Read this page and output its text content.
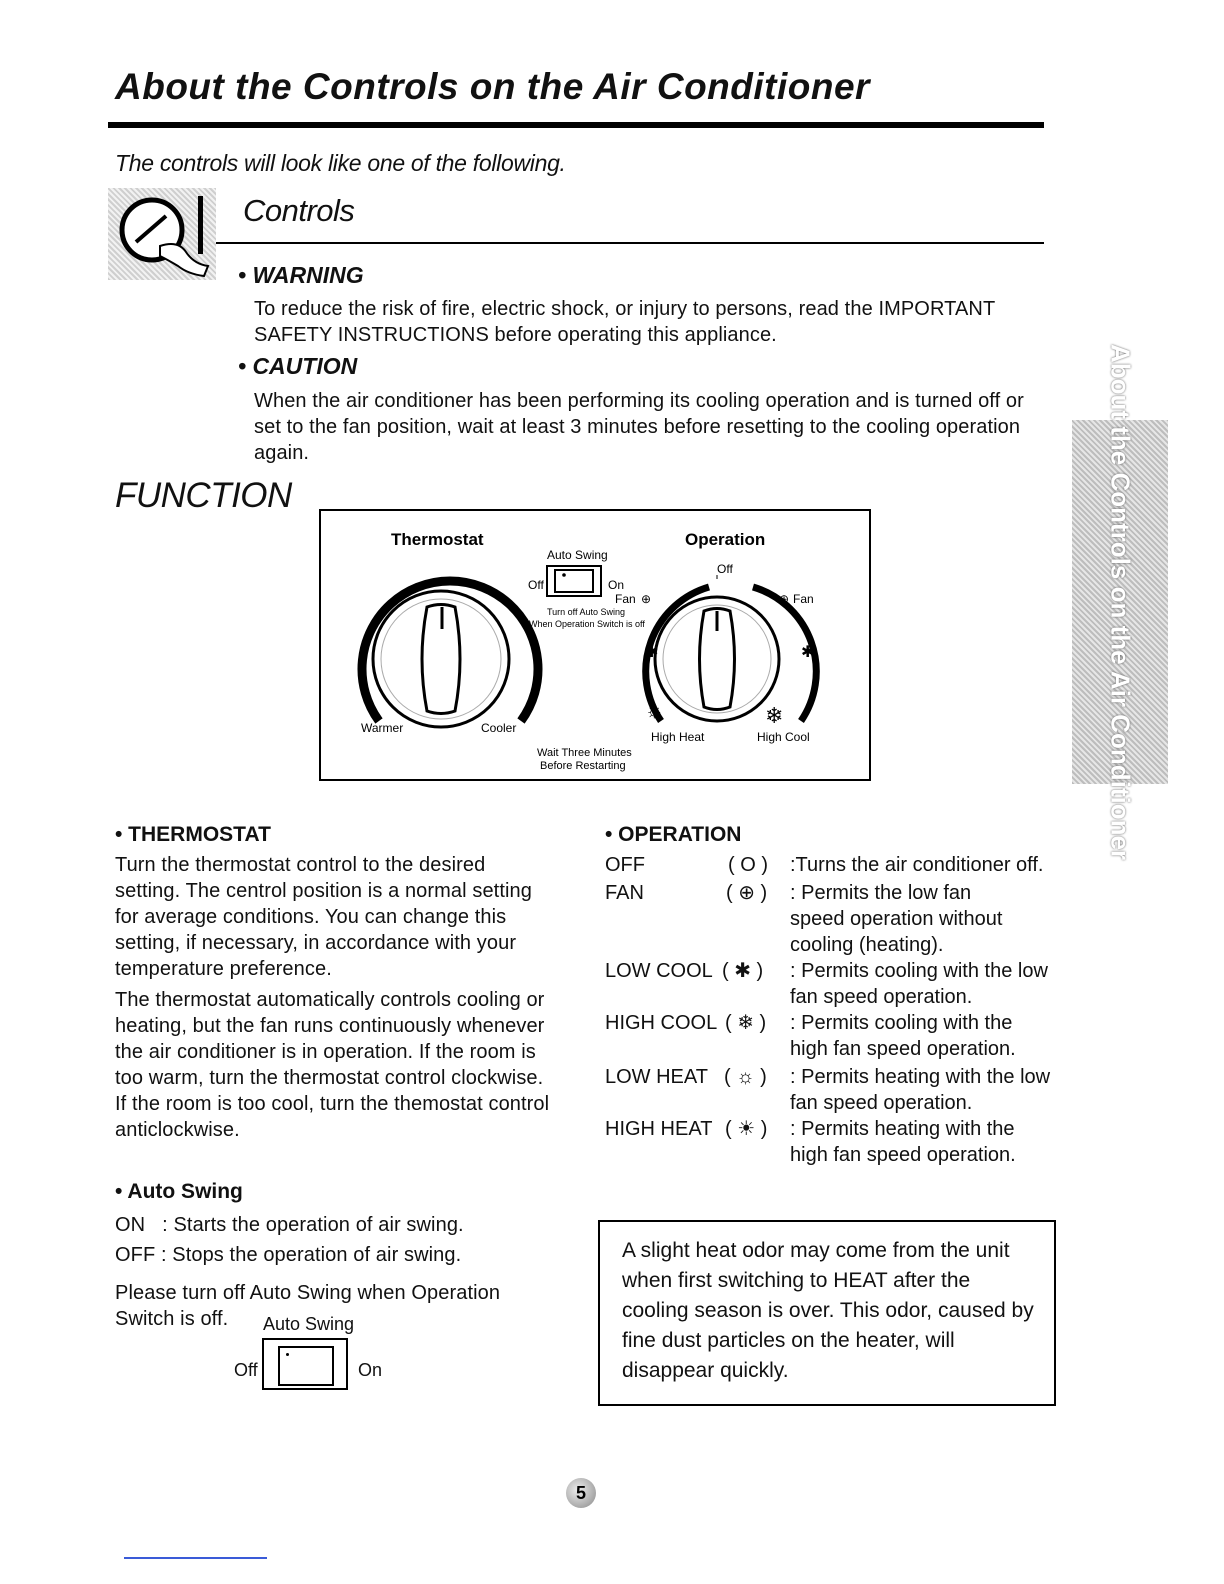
About the Controls on the Air Conditioner
The controls will look like one of the following.
Controls
• WARNING
To reduce the risk of fire, electric shock, or injury to persons, read the IMPORTANT SAFETY INSTRUCTIONS before operating this appliance.
• CAUTION
When the air conditioner has been performing its cooling operation and is turned off or set to the fan position, wait at least 3 minutes before resetting to the cooling operation again.
FUNCTION	About the Controls on the Air Conditioner
✱	✱
☼	❄
⊕	⊕
Thermostat	Operation
Auto Swing
Off	On
Turn off Auto Swing
When Operation Switch is off
Off
Fan	Fan
Warmer	Cooler
High Heat	High Cool
Wait Three Minutes
Before Restarting
• THERMOSTAT
Turn the thermostat control to the desired setting. The centrol position is a normal setting for average conditions. You can change this setting, if necessary, in accordance with your temperature preference.
The thermostat automatically controls cooling or heating, but the fan runs continuously whenever the air conditioner is in operation. If the room is too warm, turn the thermostat control clockwise. If the room is too cool, turn the themostat control anticlockwise.
• Auto Swing
ON   : Starts the operation of air swing.
OFF : Stops the operation of air swing.
Please turn off Auto Swing when Operation Switch is off.	Auto Swing
Off	On
• OPERATION
OFF	( O ) :Turns the air conditioner off.
FAN	( ⊕ ) : Permits the low fan speed operation without cooling (heating).
LOW COOL ( ✱ ) : Permits cooling with the low fan speed operation.
HIGH COOL ( ❄ ) : Permits cooling with the high fan speed operation.
LOW HEAT ( ☼ ) : Permits heating with the low fan speed operation.
HIGH HEAT ( ☀ ) : Permits heating with the high fan speed operation.
A slight heat odor may come from the unit when first switching to HEAT after the cooling season is over. This odor, caused by fine dust particles on the heater, will disappear quickly.
5
